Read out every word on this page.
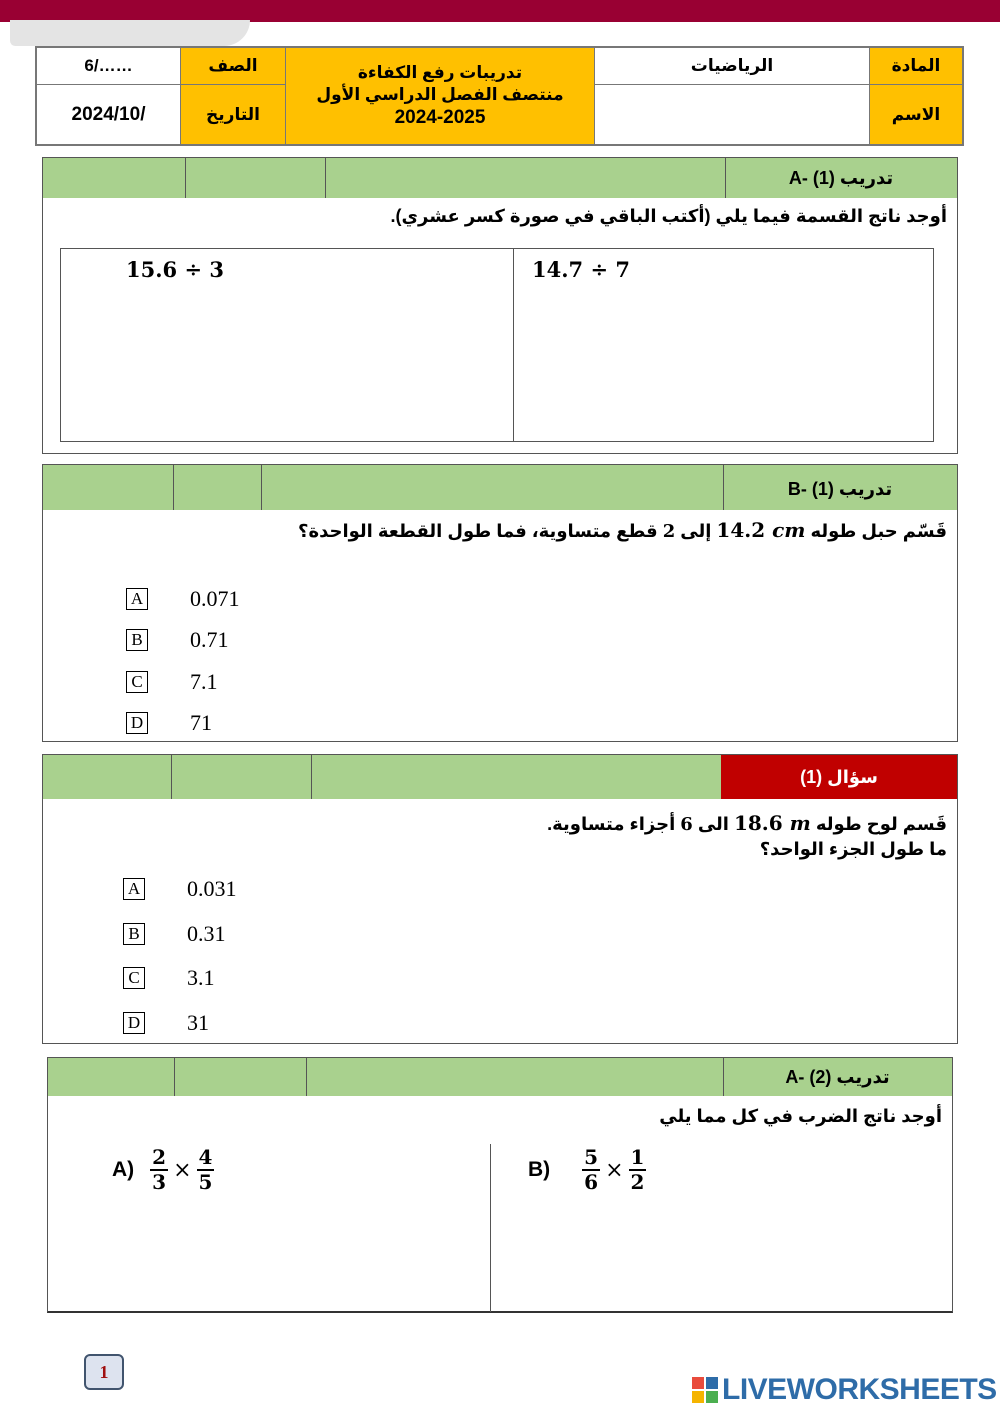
6/……	الصف
2024/10/	التاريخ
تدريبات رفع الكفاءة
منتصف الفصل الدراسي الأول
2024-2025
الرياضيات	المادة
الاسم
تدريب (1) -A
أوجد ناتج القسمة فيما يلي (أكتب الباقي في صورة كسر عشري).
15.6 ÷ 3	14.7 ÷ 7
تدريب (1) -B
قَسّم حبل طوله 14.2 cm إلى 2 قطع متساوية، فما طول القطعة الواحدة؟
A 0.071
B 0.71
C 7.1
D 71
سؤال (1)
قَسم لوح طوله 18.6 m الى 6 أجزاء متساوية.
ما طول الجزء الواحد؟
A 0.031
B 0.31
C 3.1
D 31
تدريب (2) -A
أوجد ناتج الضرب في كل مما يلي
$A) \frac{2}{3} \times \frac{4}{5}$	$B) \frac{5}{6} \times \frac{1}{2}$
1
LIVEWORKSHEETS
